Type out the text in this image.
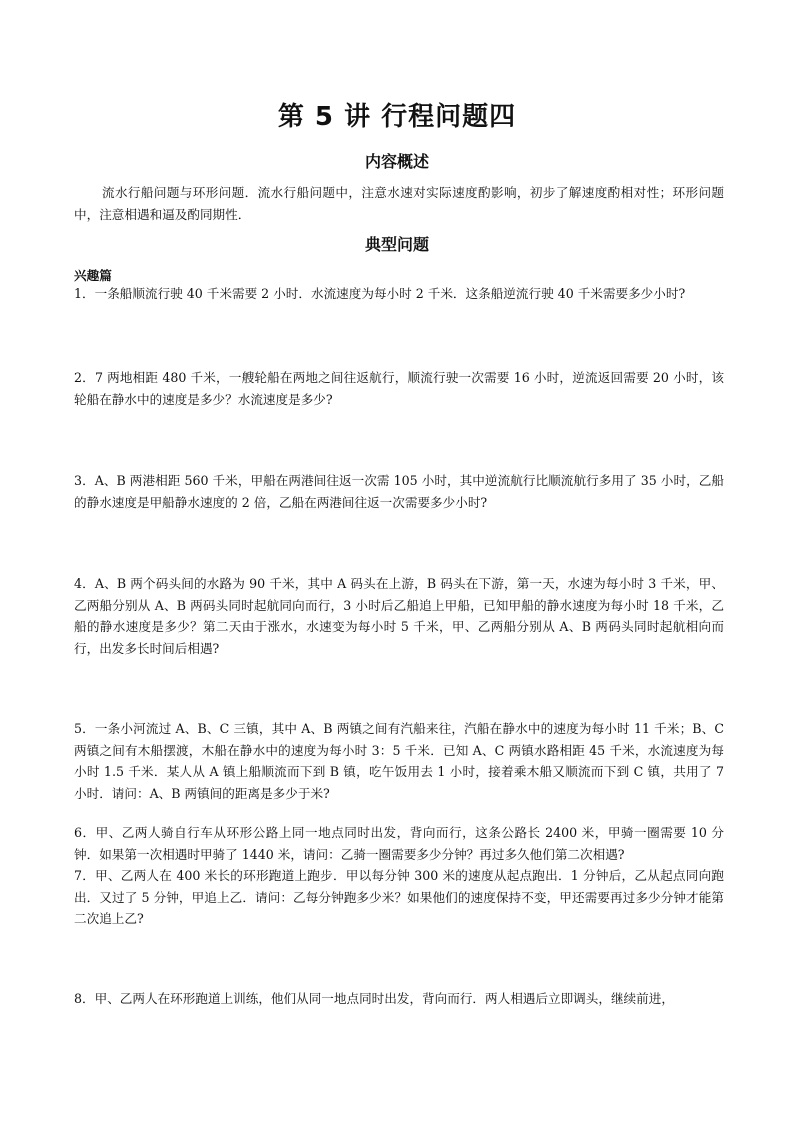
第 5 讲 行程问题四
内容概述
流水行船问题与环形问题．流水行船问题中，注意水速对实际速度酌影响，初步了解速度酌相对性；环形问题中，注意相遇和逼及酌同期性．
典型问题
兴趣篇
1．一条船顺流行驶 40 千米需要 2 小时．水流速度为每小时 2 千米．这条船逆流行驶 40 千米需要多少小时?
2．7 两地相距 480 千米，一艘轮船在两地之间往返航行，顺流行驶一次需要 16 小时，逆流返回需要 20 小时，该轮船在静水中的速度是多少？水流速度是多少?
3．A、B 两港相距 560 千米，甲船在两港间往返一次需 105 小时，其中逆流航行比顺流航行多用了 35 小时，乙船的静水速度是甲船静水速度的 2 倍，乙船在两港间往返一次需要多少小时?
4．A、B 两个码头间的水路为 90 千米，其中 A 码头在上游，B 码头在下游，第一天，水速为每小时 3 千米，甲、乙两船分别从 A、B 两码头同时起航同向而行，3 小时后乙船追上甲船，已知甲船的静水速度为每小时 18 千米，乙船的静水速度是多少？第二天由于涨水，水速变为每小时 5 千米，甲、乙两船分别从 A、B 两码头同时起航相向而行，出发多长时间后相遇?
5．一条小河流过 A、B、C 三镇，其中 A、B 两镇之间有汽船来往，汽船在静水中的速度为每小时 11 千米；B、C 两镇之间有木船摆渡，木船在静水中的速度为每小时 3：5 千米．已知 A、C 两镇水路相距 45 千米，水流速度为每小时 1.5 千米．某人从 A 镇上船顺流而下到 B 镇，吃午饭用去 1 小时，接着乘木船又顺流而下到 C 镇，共用了 7 小时．请问：A、B 两镇间的距离是多少于米?
6．甲、乙两人骑自行车从环形公路上同一地点同时出发，背向而行，这条公路长 2400 米，甲骑一圈需要 10 分钟．如果第一次相遇时甲骑了 1440 米，请问：乙骑一圈需要多少分钟？再过多久他们第二次相遇?
7．甲、乙两人在 400 米长的环形跑道上跑步．甲以每分钟 300 米的速度从起点跑出．1 分钟后，乙从起点同向跑出．又过了 5 分钟，甲追上乙．请问：乙每分钟跑多少米？如果他们的速度保持不变，甲还需要再过多少分钟才能第二次追上乙?
8．甲、乙两人在环形跑道上训练，他们从同一地点同时出发，背向而行．两人相遇后立即调头，继续前进，
